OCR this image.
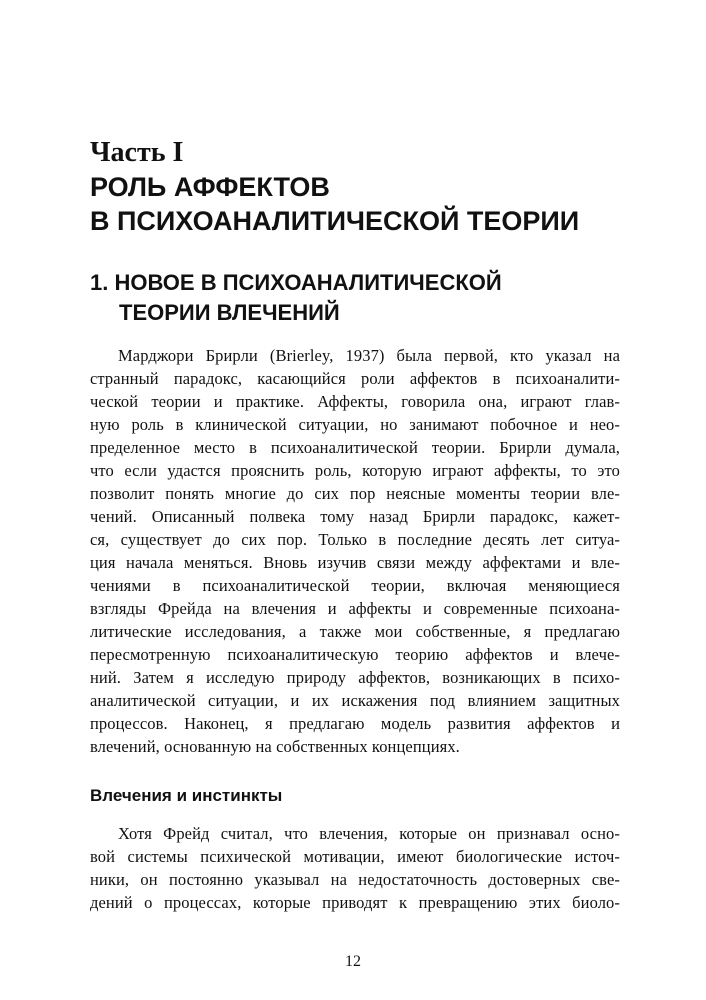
Часть I
РОЛЬ АФФЕКТОВ
В ПСИХОАНАЛИТИЧЕСКОЙ ТЕОРИИ
1. НОВОЕ В ПСИХОАНАЛИТИЧЕСКОЙ
ТЕОРИИ ВЛЕЧЕНИЙ
Марджори Брирли (Brierley, 1937) была первой, кто указал на
странный парадокс, касающийся роли аффектов в психоаналити-
ческой теории и практике. Аффекты, говорила она, играют глав-
ную роль в клинической ситуации, но занимают побочное и нео-
пределенное место в психоаналитической теории. Брирли думала,
что если удастся прояснить роль, которую играют аффекты, то это
позволит понять многие до сих пор неясные моменты теории вле-
чений. Описанный полвека тому назад Брирли парадокс, кажет-
ся, существует до сих пор. Только в последние десять лет ситуа-
ция начала меняться. Вновь изучив связи между аффектами и вле-
чениями в психоаналитической теории, включая меняющиеся
взгляды Фрейда на влечения и аффекты и современные психоана-
литические исследования, а также мои собственные, я предлагаю
пересмотренную психоаналитическую теорию аффектов и влече-
ний. Затем я исследую природу аффектов, возникающих в психо-
аналитической ситуации, и их искажения под влиянием защитных
процессов. Наконец, я предлагаю модель развития аффектов и
влечений, основанную на собственных концепциях.
Влечения и инстинкты
Хотя Фрейд считал, что влечения, которые он признавал осно-
вой системы психической мотивации, имеют биологические источ-
ники, он постоянно указывал на недостаточность достоверных све-
дений о процессах, которые приводят к превращению этих биоло-
12
